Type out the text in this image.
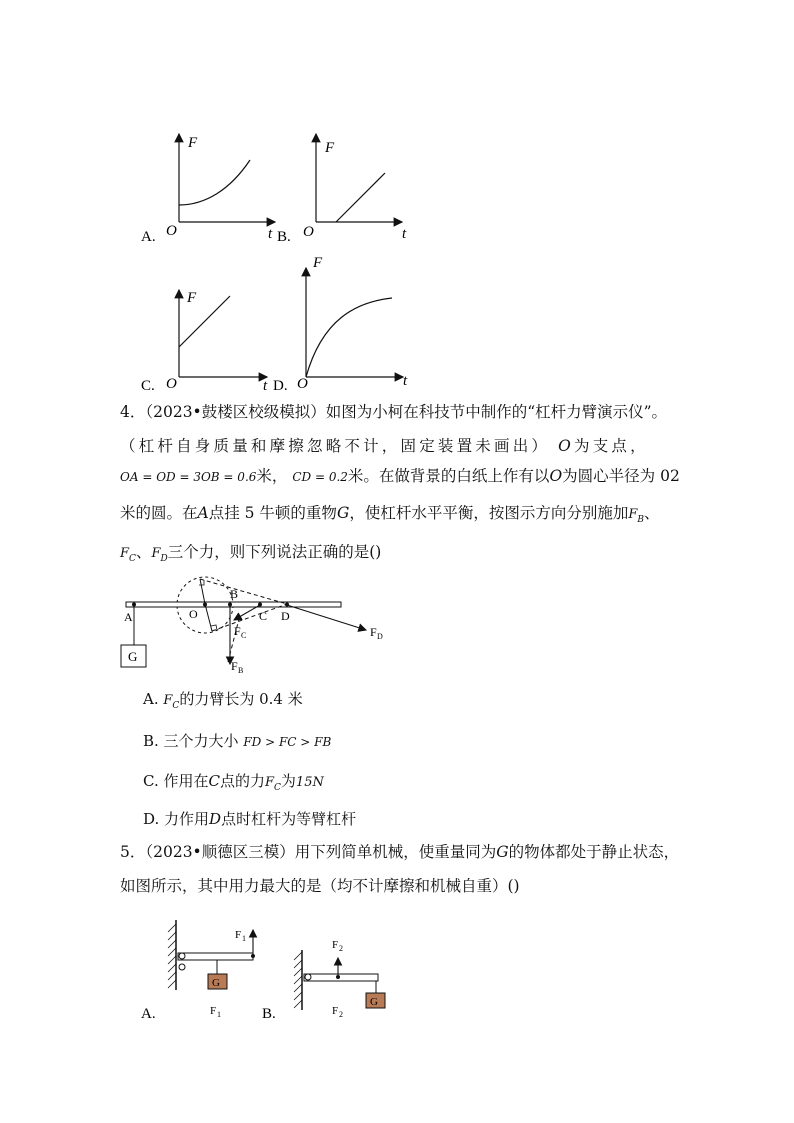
F
O	t
A.
F
O	t
B.
F
O	t
C.
F
O	t
D.
4．（2023•鼓楼区校级模拟）如图为小柯在科技节中制作的“杠杆力臂演示仪”。
（杠杆自身质量和摩擦忽略不计，固定装置未画出） O为支点，
OA = OD = 3OB = 0.6米， CD = 0.2米。在做背景的白纸上作有以O为圆心半径为 02
米的圆。在A点挂 5 牛顿的重物G，使杠杆水平平衡，按图示方向分别施加$F_B$、
$F_C$、$F_D$三个力，则下列说法正确的是()
G
A	O
B
C D
F C
F B
F D
A. $F_C$的力臂长为 0.4 米
B. 三个力大小 FD > FC > FB
C. 作用在C点的力$F_C$为15N
D. 力作用D点时杠杆为等臂杠杆
5．（2023•顺德区三模）用下列简单机械，使重量同为G的物体都处于静止状态，
如图所示，其中用力最大的是（均不计摩擦和机械自重）()
G
F 1
F 1
A.
G
F 2
F 2
B.
